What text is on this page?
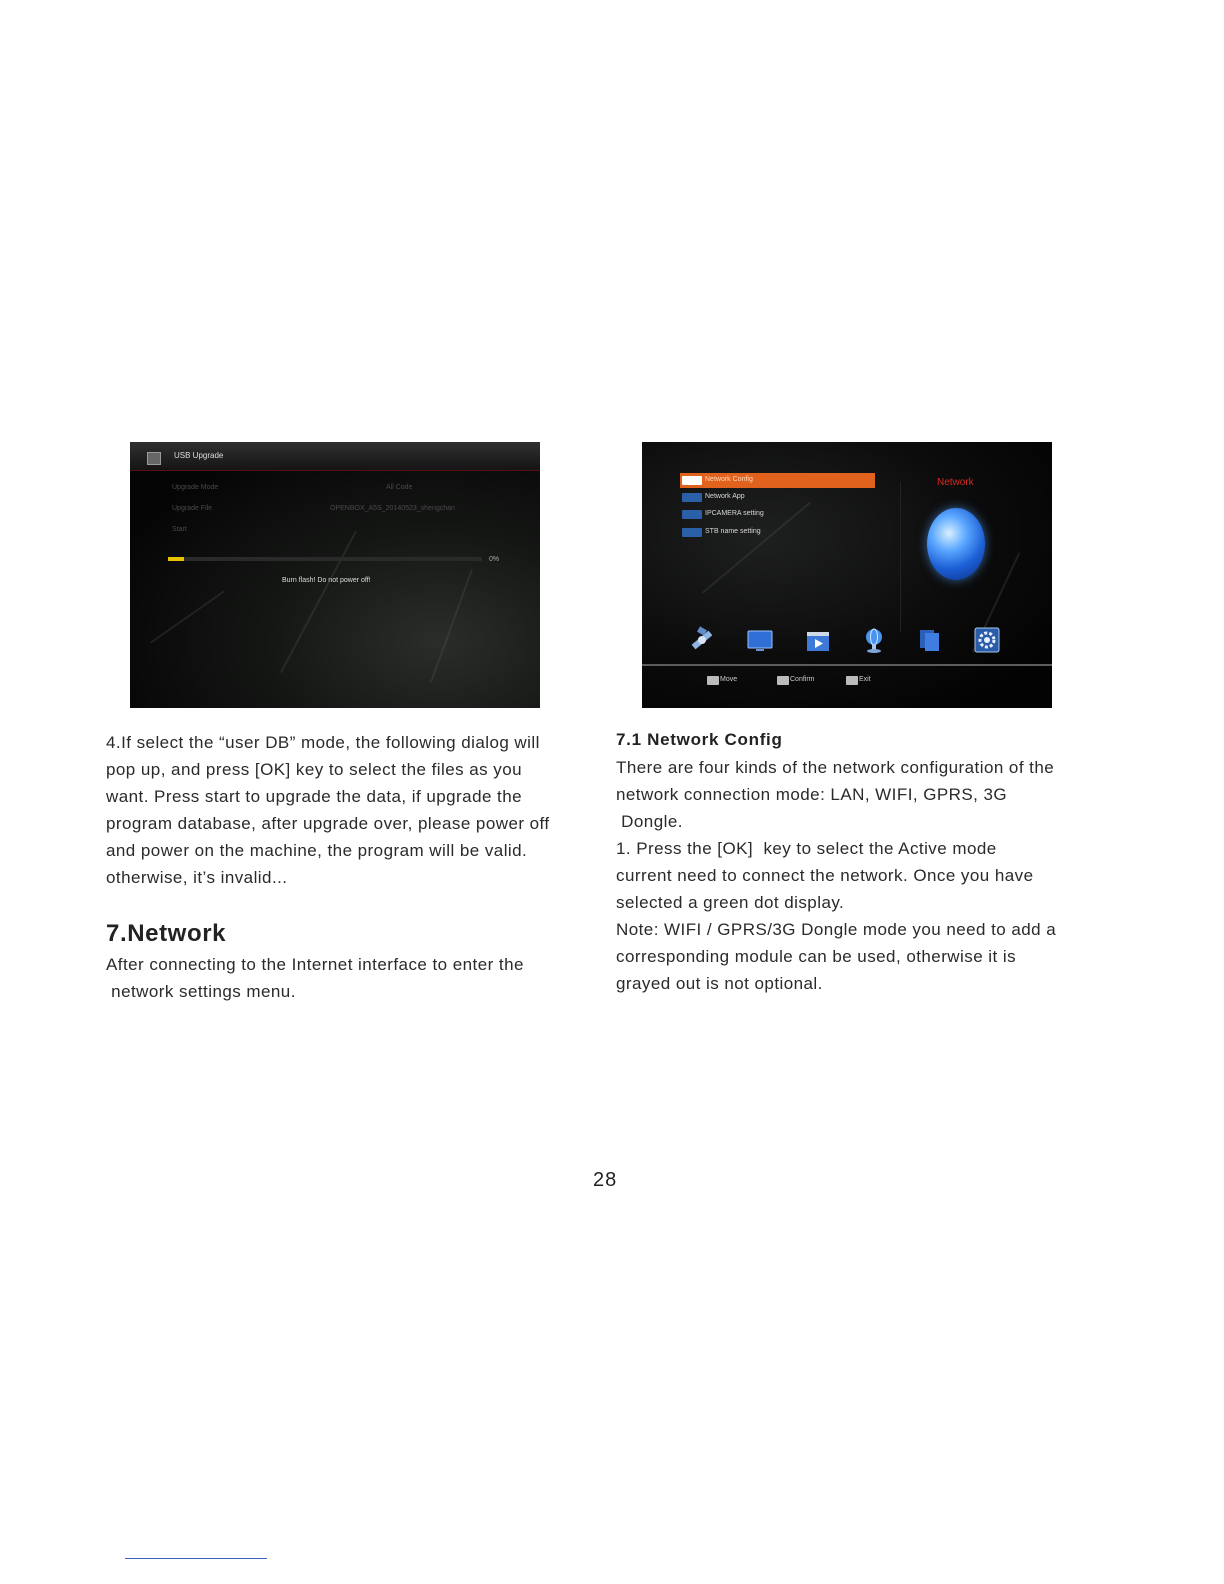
USB Upgrade
Upgrade Mode	All Code
Upgrade File	OPENBOX_A5S_20140523_shengchan
Start
0%
Burn flash! Do not power off!
Network Config
Network App
IPCAMERA setting
STB name setting
Network
Move	Confirm	Exit

4.If select the “user DB” mode, the following dialog will
pop up, and press [OK] key to select the files as you
want. Press start to upgrade the data, if upgrade the
program database, after upgrade over, please power off
and power on the machine, the program will be valid.
otherwise, it’s invalid...

7.Network

After connecting to the Internet interface to enter the
network settings menu.

7.1 Network Config

There are four kinds of the network configuration of the
network connection mode: LAN, WIFI, GPRS, 3G
Dongle.
1. Press the [OK]  key to select the Active mode
current need to connect the network. Once you have
selected a green dot display.
Note: WIFI / GPRS/3G Dongle mode you need to add a
corresponding module can be used, otherwise it is
grayed out is not optional.

28
